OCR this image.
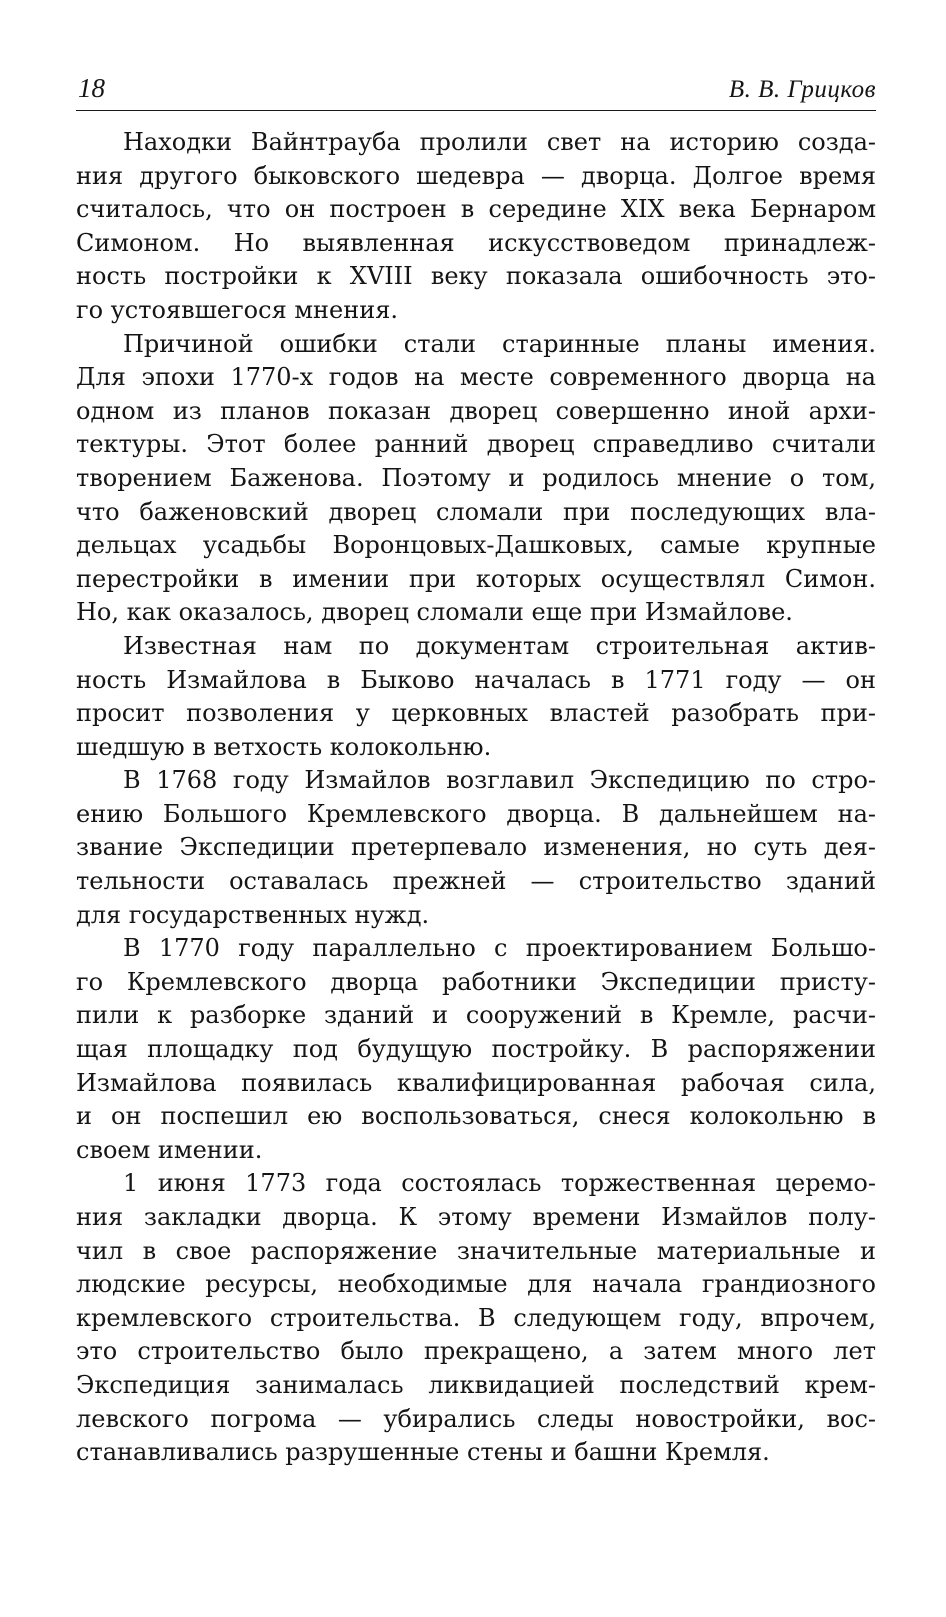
18	В. В. Грицков
Находки Вайнтрауба пролили свет на историю созда-
ния другого быковского шедевра — дворца. Долгое время
считалось, что он построен в середине XIX века Бернаром
Симоном. Но выявленная искусствоведом принадлеж-
ность постройки к XVIII веку показала ошибочность это-
го устоявшегося мнения.
Причиной ошибки стали старинные планы имения.
Для эпохи 1770-х годов на месте современного дворца на
одном из планов показан дворец совершенно иной архи-
тектуры. Этот более ранний дворец справедливо считали
творением Баженова. Поэтому и родилось мнение о том,
что баженовский дворец сломали при последующих вла-
дельцах усадьбы Воронцовых-Дашковых, самые крупные
перестройки в имении при которых осуществлял Симон.
Но, как оказалось, дворец сломали еще при Измайлове.
Известная нам по документам строительная актив-
ность Измайлова в Быково началась в 1771 году — он
просит позволения у церковных властей разобрать при-
шедшую в ветхость колокольню.
В 1768 году Измайлов возглавил Экспедицию по стро-
ению Большого Кремлевского дворца. В дальнейшем на-
звание Экспедиции претерпевало изменения, но суть дея-
тельности оставалась прежней — строительство зданий
для государственных нужд.
В 1770 году параллельно с проектированием Большо-
го Кремлевского дворца работники Экспедиции присту-
пили к разборке зданий и сооружений в Кремле, расчи-
щая площадку под будущую постройку. В распоряжении
Измайлова появилась квалифицированная рабочая сила,
и он поспешил ею воспользоваться, снеся колокольню в
своем имении.
1 июня 1773 года состоялась торжественная церемо-
ния закладки дворца. К этому времени Измайлов полу-
чил в свое распоряжение значительные материальные и
людские ресурсы, необходимые для начала грандиозного
кремлевского строительства. В следующем году, впрочем,
это строительство было прекращено, а затем много лет
Экспедиция занималась ликвидацией последствий крем-
левского погрома — убирались следы новостройки, вос-
станавливались разрушенные стены и башни Кремля.
